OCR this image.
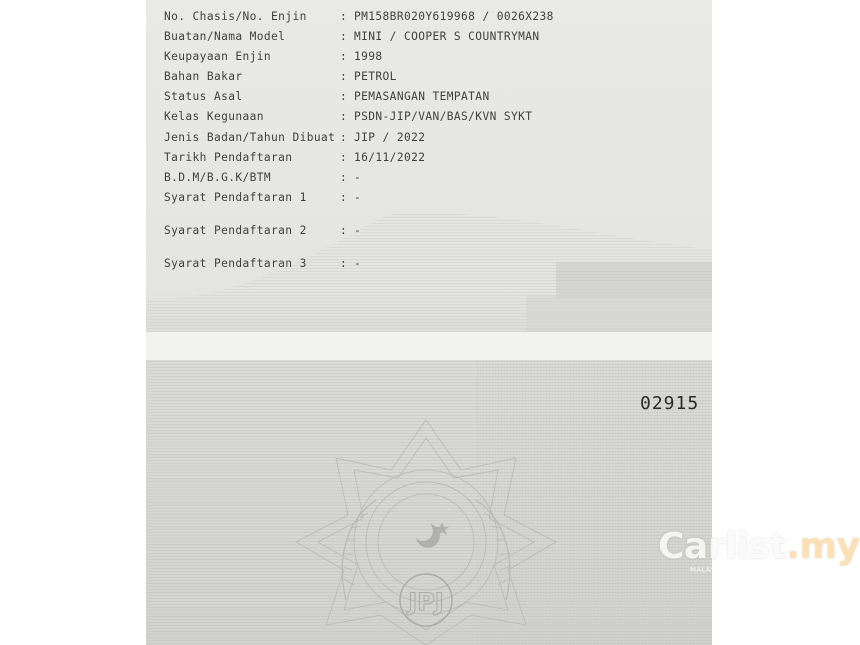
No. Chasis/No. Enjin	: PM158BR020Y619968 / 0026X238
Buatan/Nama Model	: MINI / COOPER S COUNTRYMAN
Keupayaan Enjin	: 1998
Bahan Bakar	: PETROL
Status Asal	: PEMASANGAN TEMPATAN
Kelas Kegunaan	: PSDN-JIP/VAN/BAS/KVN SYKT
Jenis Badan/Tahun Dibuat : JIP / 2022
Tarikh Pendaftaran	: 16/11/2022
B.D.M/B.G.K/BTM	: -
Syarat Pendaftaran 1	: -
Syarat Pendaftaran 2	: -
Syarat Pendaftaran 3	: -
02915
JPJ
Carlist.my
MALAYSIA'S NO.1 CAR SITE
